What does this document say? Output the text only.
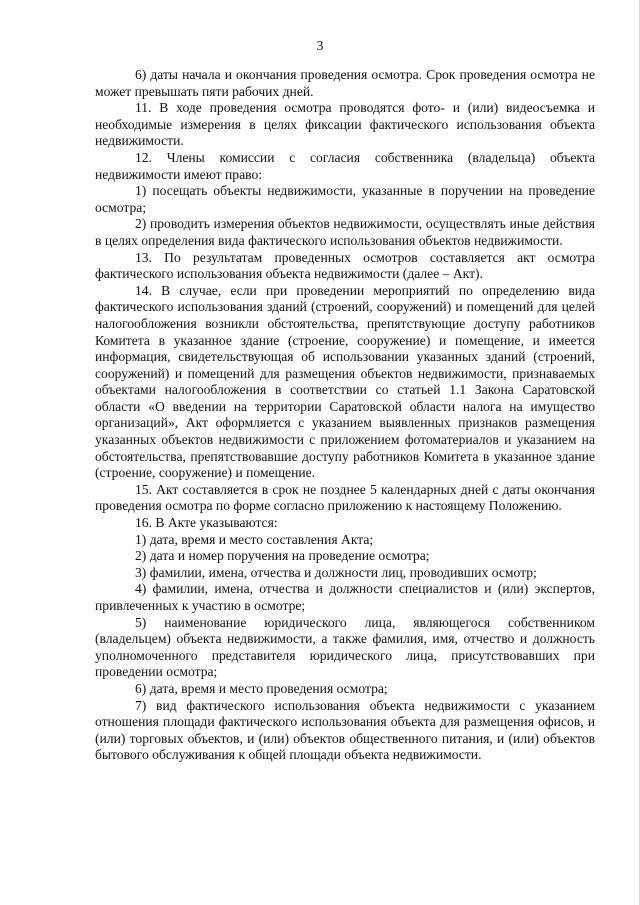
3

6) даты начала и окончания проведения осмотра. Срок проведения осмотра не может превышать пяти рабочих дней.

11. В ходе проведения осмотра проводятся фото- и (или) видеосъемка и необходимые измерения в целях фиксации фактического использования объекта недвижимости.

12. Члены комиссии с согласия собственника (владельца) объекта недвижимости имеют право:

1) посещать объекты недвижимости, указанные в поручении на проведение осмотра;

2) проводить измерения объектов недвижимости, осуществлять иные действия в целях определения вида фактического использования объектов недвижимости.

13. По результатам проведенных осмотров составляется акт осмотра фактического использования объекта недвижимости (далее – Акт).

14. В случае, если при проведении мероприятий по определению вида фактического использования зданий (строений, сооружений) и помещений для целей налогообложения возникли обстоятельства, препятствующие доступу работников Комитета в указанное здание (строение, сооружение) и помещение, и имеется информация, свидетельствующая об использовании указанных зданий (строений, сооружений) и помещений для размещения объектов недвижимости, признаваемых объектами налогообложения в соответствии со статьей 1.1 Закона Саратовской области «О введении на территории Саратовской области налога на имущество организаций», Акт оформляется с указанием выявленных признаков размещения указанных объектов недвижимости с приложением фотоматериалов и указанием на обстоятельства, препятствовавшие доступу работников Комитета в указанное здание (строение, сооружение) и помещение.

15. Акт составляется в срок не позднее 5 календарных дней с даты окончания проведения осмотра по форме согласно приложению к настоящему Положению.

16. В Акте указываются:

1) дата, время и место составления Акта;

2) дата и номер поручения на проведение осмотра;

3) фамилии, имена, отчества и должности лиц, проводивших осмотр;

4) фамилии, имена, отчества и должности специалистов и (или) экспертов, привлеченных к участию в осмотре;

5) наименование юридического лица, являющегося собственником (владельцем) объекта недвижимости, а также фамилия, имя, отчество и должность уполномоченного представителя юридического лица, присутствовавших при проведении осмотра;

6) дата, время и место проведения осмотра;

7) вид фактического использования объекта недвижимости с указанием отношения площади фактического использования объекта для размещения офисов, и (или) торговых объектов, и (или) объектов общественного питания, и (или) объектов бытового обслуживания к общей площади объекта недвижимости.
